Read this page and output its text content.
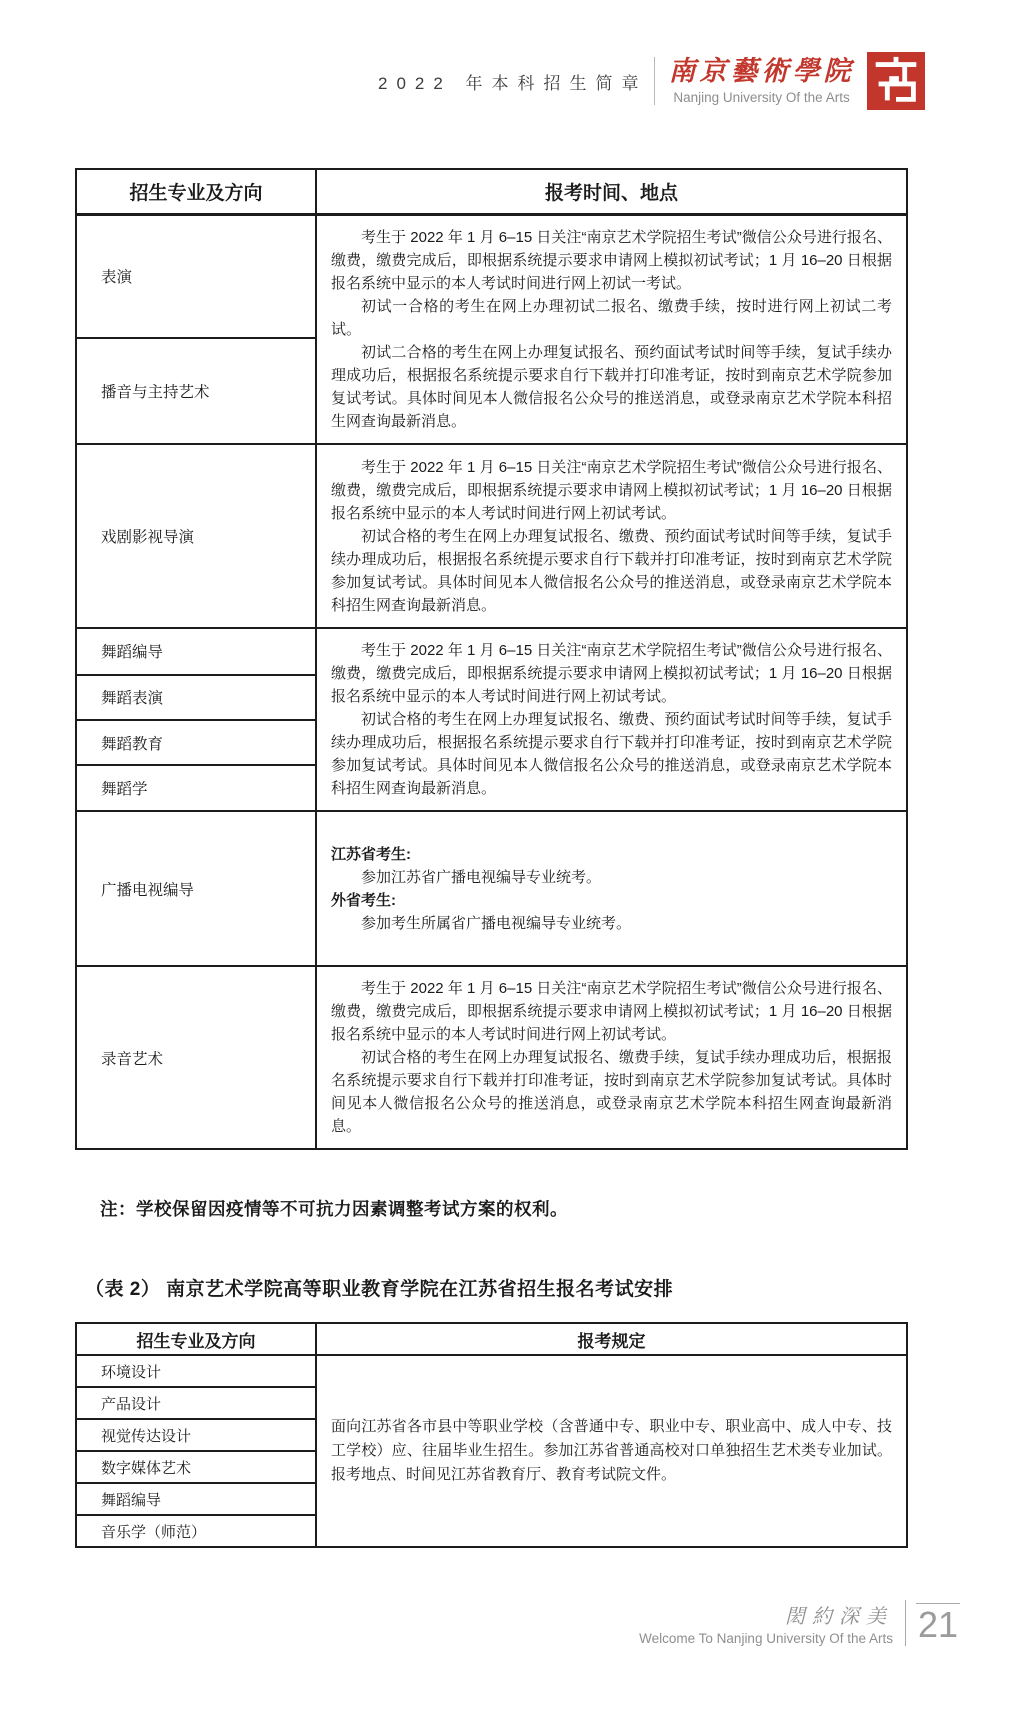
2022 年本科招生简章 南京藝術學院
Nanjing University Of the Arts
招生专业及方向	报考时间、地点
表演	考生于 2022 年 1 月 6–15 日关注“南京艺术学院招生考试”微信公众号进行报名、缴费，缴费完成后，即根据系统提示要求申请网上模拟初试考试；1 月 16–20 日根据报名系统中显示的本人考试时间进行网上初试一考试。

初试一合格的考生在网上办理初试二报名、缴费手续，按时进行网上初试二考试。

初试二合格的考生在网上办理复试报名、预约面试考试时间等手续，复试手续办理成功后，根据报名系统提示要求自行下载并打印准考证，按时到南京艺术学院参加复试考试。具体时间见本人微信报名公众号的推送消息，或登录南京艺术学院本科招生网查询最新消息。

播音与主持艺术	
戏剧影视导演	考生于 2022 年 1 月 6–15 日关注“南京艺术学院招生考试”微信公众号进行报名、缴费，缴费完成后，即根据系统提示要求申请网上模拟初试考试；1 月 16–20 日根据报名系统中显示的本人考试时间进行网上初试考试。

初试合格的考生在网上办理复试报名、缴费、预约面试考试时间等手续，复试手续办理成功后，根据报名系统提示要求自行下载并打印准考证，按时到南京艺术学院参加复试考试。具体时间见本人微信报名公众号的推送消息，或登录南京艺术学院本科招生网查询最新消息。

舞蹈编导	考生于 2022 年 1 月 6–15 日关注“南京艺术学院招生考试”微信公众号进行报名、缴费，缴费完成后，即根据系统提示要求申请网上模拟初试考试；1 月 16–20 日根据报名系统中显示的本人考试时间进行网上初试考试。

初试合格的考生在网上办理复试报名、缴费、预约面试考试时间等手续，复试手续办理成功后，根据报名系统提示要求自行下载并打印准考证，按时到南京艺术学院参加复试考试。具体时间见本人微信报名公众号的推送消息，或登录南京艺术学院本科招生网查询最新消息。

舞蹈表演	
舞蹈教育	
舞蹈学	
广播电视编导	江苏省考生:

参加江苏省广播电视编导专业统考。

外省考生:

参加考生所属省广播电视编导专业统考。

录音艺术	考生于 2022 年 1 月 6–15 日关注“南京艺术学院招生考试”微信公众号进行报名、缴费，缴费完成后，即根据系统提示要求申请网上模拟初试考试；1 月 16–20 日根据报名系统中显示的本人考试时间进行网上初试考试。

初试合格的考生在网上办理复试报名、缴费手续，复试手续办理成功后，根据报名系统提示要求自行下载并打印准考证，按时到南京艺术学院参加复试考试。具体时间见本人微信报名公众号的推送消息，或登录南京艺术学院本科招生网查询最新消息。

注：学校保留因疫情等不可抗力因素调整考试方案的权利。
（表 2） 南京艺术学院高等职业教育学院在江苏省招生报名考试安排
招生专业及方向	报考规定
环境设计	面向江苏省各市县中等职业学校（含普通中专、职业中专、职业高中、成人中专、技工学校）应、往届毕业生招生。参加江苏省普通高校对口单独招生艺术类专业加试。报考地点、时间见江苏省教育厅、教育考试院文件。

产品设计	
视觉传达设计	
数字媒体艺术	
舞蹈编导	
音乐学（师范）	
閎約深美
Welcome To Nanjing University Of the Arts 21
